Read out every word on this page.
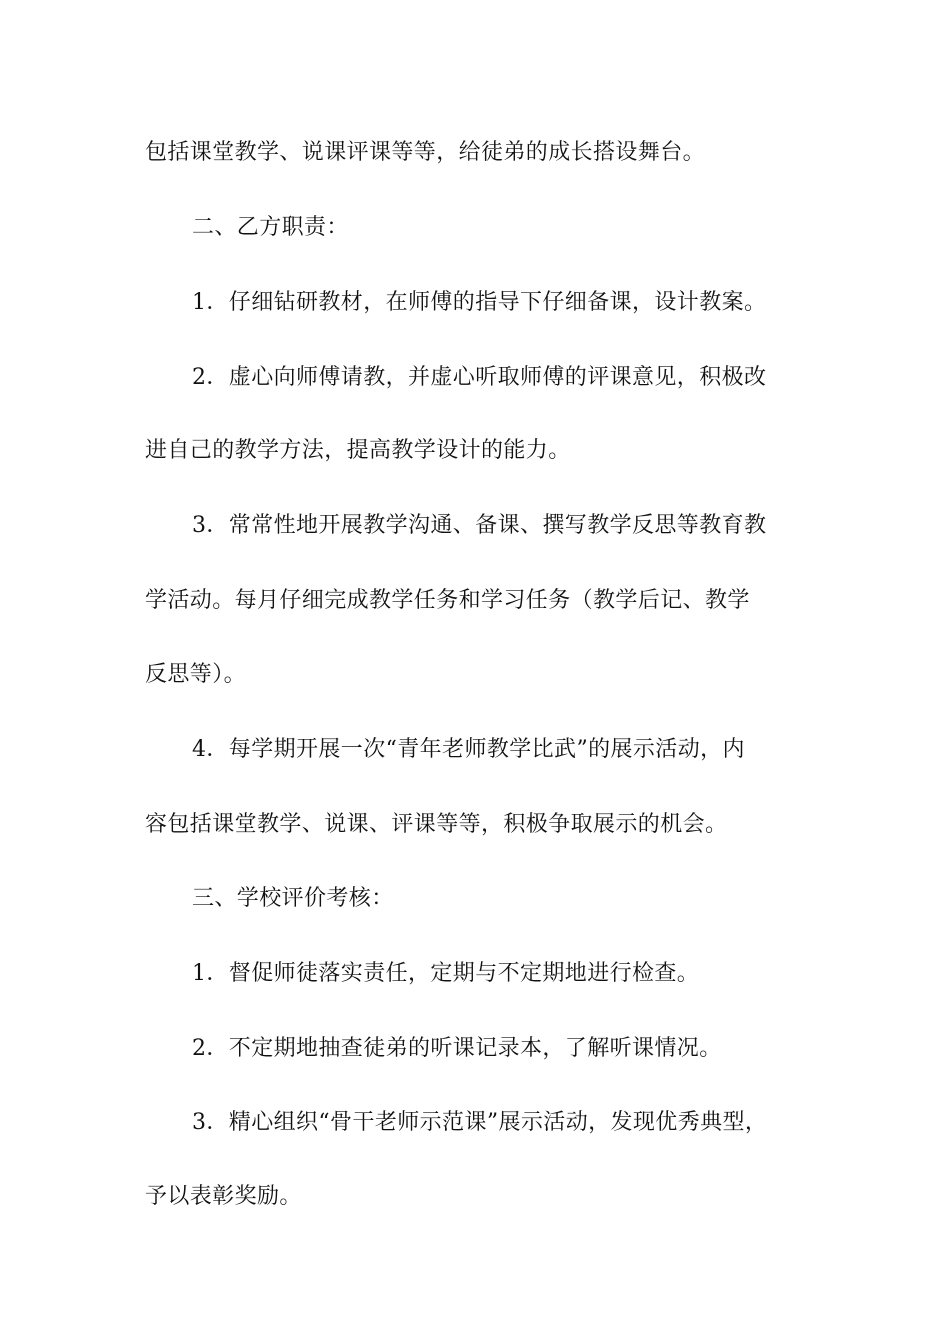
包括课堂教学、说课评课等等，给徒弟的成长搭设舞台。
二、乙方职责：
1．仔细钻研教材，在师傅的指导下仔细备课，设计教案。
2．虚心向师傅请教，并虚心听取师傅的评课意见，积极改
进自己的教学方法，提高教学设计的能力。
3．常常性地开展教学沟通、备课、撰写教学反思等教育教
学活动。每月仔细完成教学任务和学习任务（教学后记、教学
反思等）。
4．每学期开展一次“青年老师教学比武”的展示活动，内
容包括课堂教学、说课、评课等等，积极争取展示的机会。
三、学校评价考核：
1．督促师徒落实责任，定期与不定期地进行检查。
2．不定期地抽查徒弟的听课记录本，了解听课情况。
3．精心组织“骨干老师示范课”展示活动，发现优秀典型，
予以表彰奖励。
